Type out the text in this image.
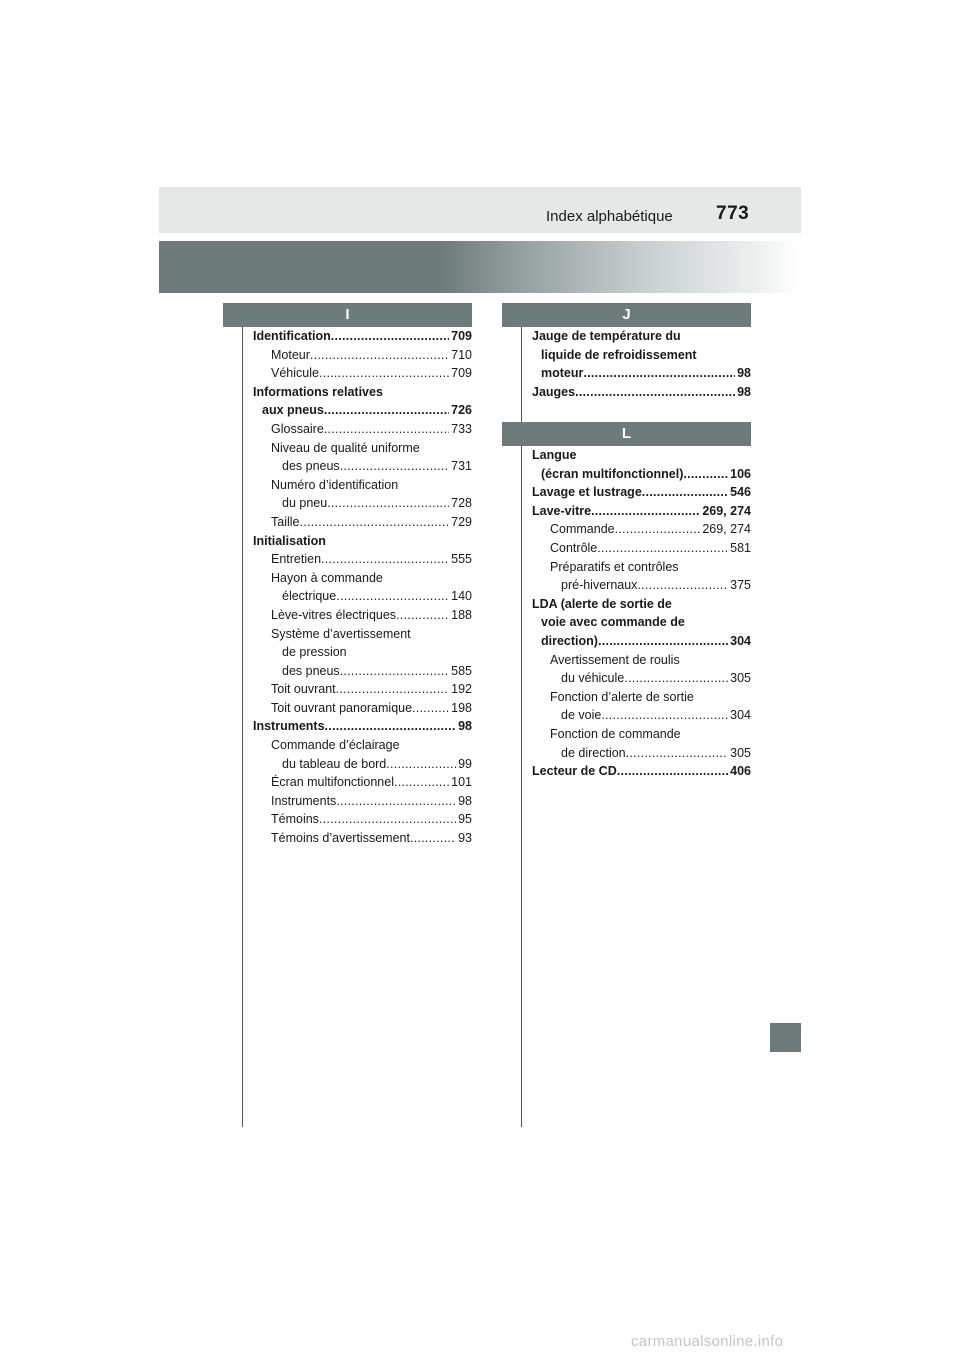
Index alphabétique 773
I
Identification . . .	709
Moteur . . .	710
Véhicule . . .	709
Informations relatives
aux pneus . . .	726
Glossaire . . .	733
Niveau de qualité uniforme
des pneus . . .	731
Numéro d’identification
du pneu . . .	728
Taille . . .	729
Initialisation
Entretien . . .	555
Hayon à commande
électrique . . .	140
Lève-vitres électriques . . .	188
Système d’avertissement
de pression
des pneus . . .	585
Toit ouvrant . . .	192
Toit ouvrant panoramique . . .	198
Instruments . . .	98
Commande d’éclairage
du tableau de bord . . .	99
Écran multifonctionnel . . .	101
Instruments . . .	98
Témoins . . .	95
Témoins d’avertissement . . .	93
J
Jauge de température du
liquide de refroidissement
moteur . . .	98
Jauges . . .	98
L
Langue
(écran multifonctionnel) . . .	106
Lavage et lustrage . . .	546
Lave-vitre . . .	269, 274
Commande . . .	269, 274
Contrôle . . .	581
Préparatifs et contrôles
pré-hivernaux . . .	375
LDA (alerte de sortie de
voie avec commande de
direction) . . .	304
Avertissement de roulis
du véhicule . . .	305
Fonction d’alerte de sortie
de voie . . .	304
Fonction de commande
de direction . . .	305
Lecteur de CD . . .	406
carmanualsonline.info
